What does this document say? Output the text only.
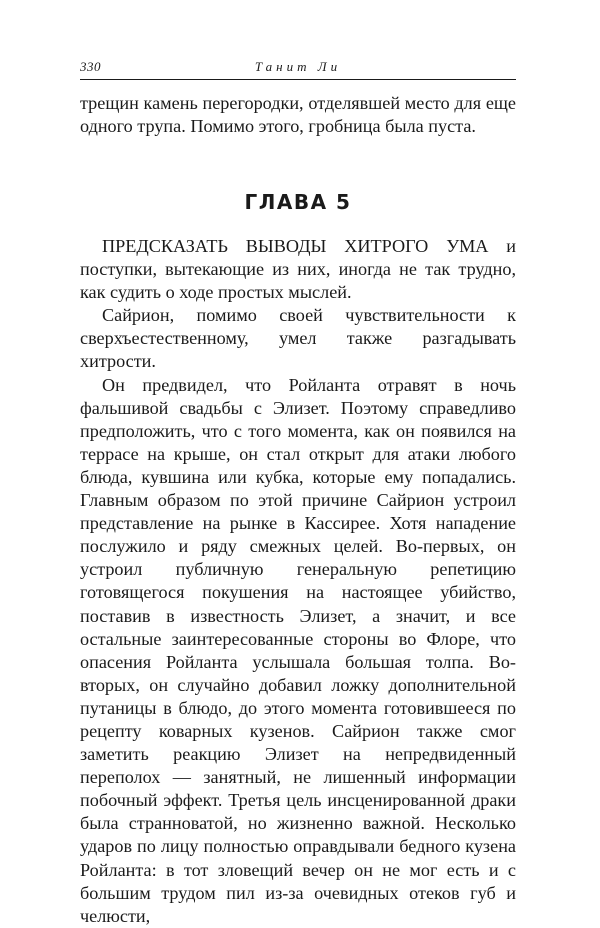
330	Танит Ли

трещин камень перегородки, отделявшей место для еще одного трупа. Помимо этого, гробница была пуста.

ГЛАВА 5

ПРЕДСКАЗАТЬ ВЫВОДЫ ХИТРОГО УМА и поступки, вытекающие из них, иногда не так трудно, как судить о ходе простых мыслей.

Сайрион, помимо своей чувствительности к сверхъестественному, умел также разгадывать хитрости.

Он предвидел, что Ройланта отравят в ночь фальшивой свадьбы с Элизет. Поэтому справедливо предположить, что с того момента, как он появился на террасе на крыше, он стал открыт для атаки любого блюда, кувшина или кубка, которые ему попадались. Главным образом по этой причине Сайрион устроил представление на рынке в Кассирее. Хотя нападение послужило и ряду смежных целей. Во-первых, он устроил публичную генеральную репетицию готовящегося покушения на настоящее убийство, поставив в известность Элизет, а значит, и все остальные заинтересованные стороны во Флоре, что опасения Ройланта услышала большая толпа. Во-вторых, он случайно добавил ложку дополнительной путаницы в блюдо, до этого момента готовившееся по рецепту коварных кузенов. Сайрион также смог заметить реакцию Элизет на непредвиденный переполох — занятный, не лишенный информации побочный эффект. Третья цель инсценированной драки была странноватой, но жизненно важной. Несколько ударов по лицу полностью оправдывали бедного кузена Ройланта: в тот зловещий вечер он не мог есть и с большим трудом пил из-за очевидных отеков губ и челюсти,
